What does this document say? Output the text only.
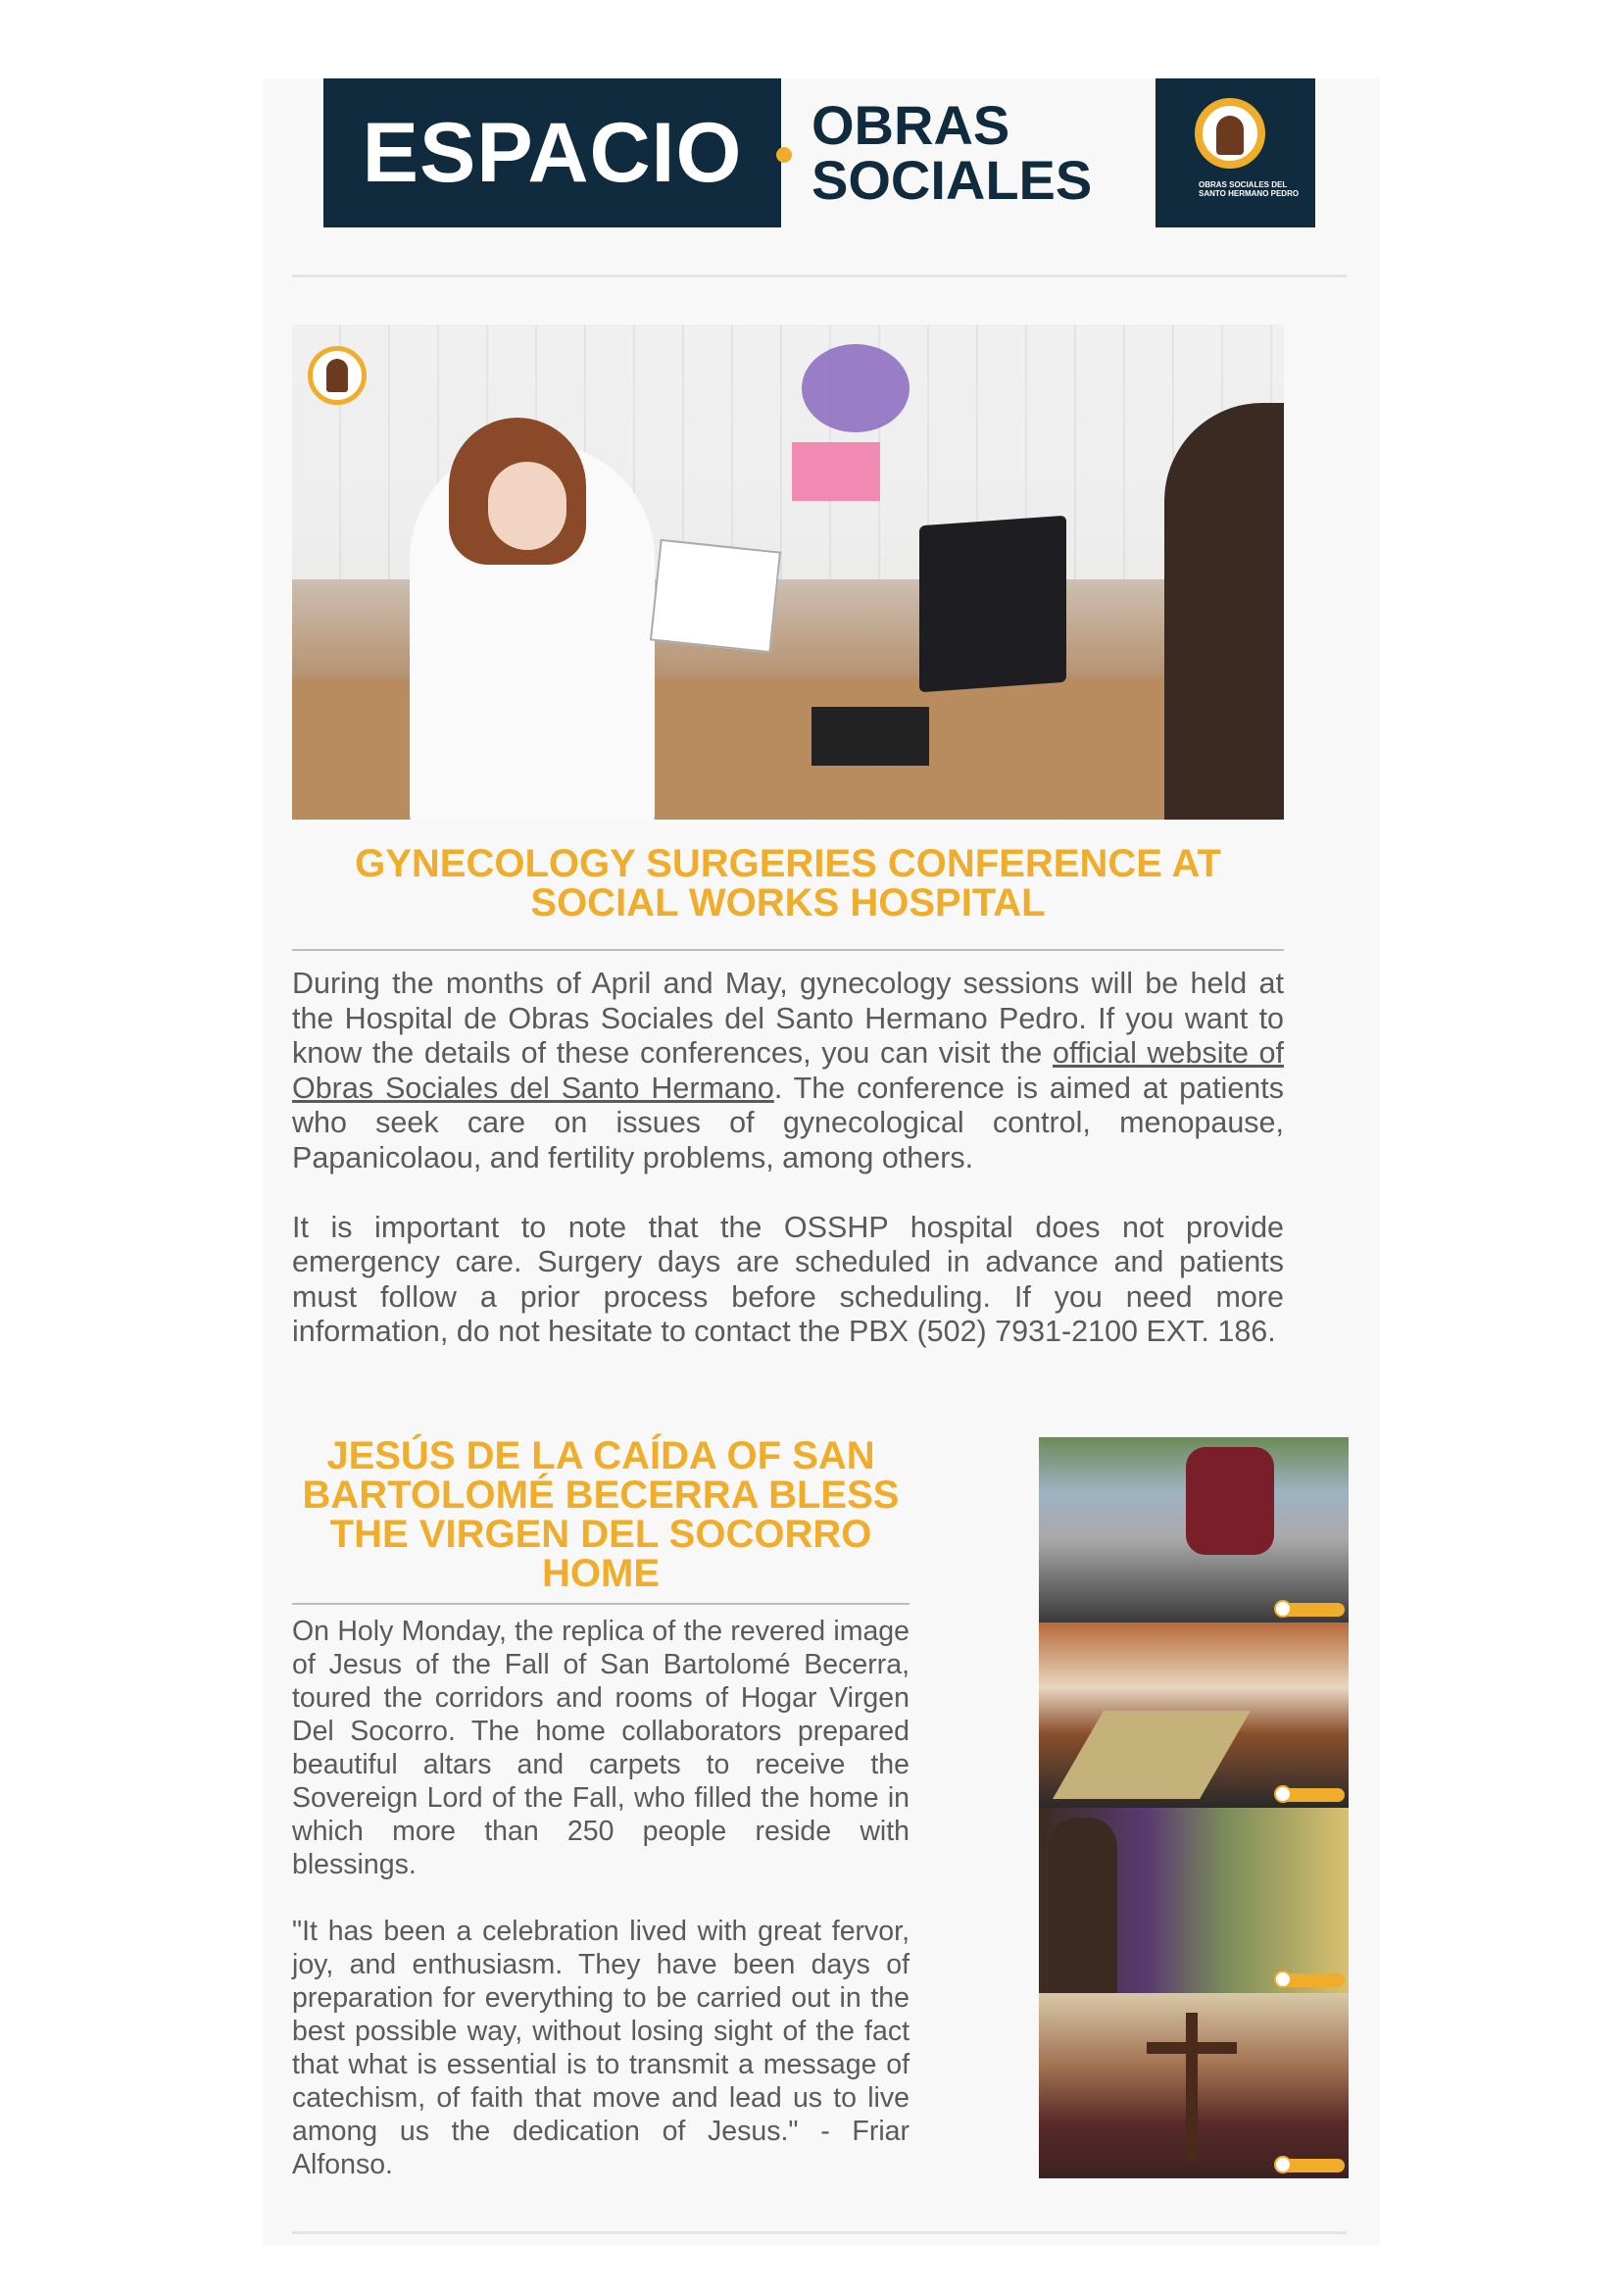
ESPACIO OBRAS
SOCIALES	OBRAS SOCIALES DEL SANTO HERMANO PEDRO
GYNECOLOGY SURGERIES CONFERENCE AT SOCIAL WORKS HOSPITAL

During the months of April and May, gynecology sessions will be held at the Hospital de Obras Sociales del Santo Hermano Pedro. If you want to know the details of these conferences, you can visit the official website of Obras Sociales del Santo Hermano. The conference is aimed at patients who seek care on issues of gynecological control, menopause, Papanicolaou, and fertility problems, among others.

It is important to note that the OSSHP hospital does not provide emergency care. Surgery days are scheduled in advance and patients must follow a prior process before scheduling. If you need more information, do not hesitate to contact the PBX (502) 7931-2100 EXT. 186.

JESÚS DE LA CAÍDA OF SAN BARTOLOMÉ BECERRA BLESS THE VIRGEN DEL SOCORRO HOME

On Holy Monday, the replica of the revered image of Jesus of the Fall of San Bartolomé Becerra, toured the corridors and rooms of Hogar Virgen Del Socorro. The home collaborators prepared beautiful altars and carpets to receive the Sovereign Lord of the Fall, who filled the home in which more than 250 people reside with blessings.

"It has been a celebration lived with great fervor, joy, and enthusiasm. They have been days of preparation for everything to be carried out in the best possible way, without losing sight of the fact that what is essential is to transmit a message of catechism, of faith that move and lead us to live among us the dedication of Jesus." - Friar Alfonso.
